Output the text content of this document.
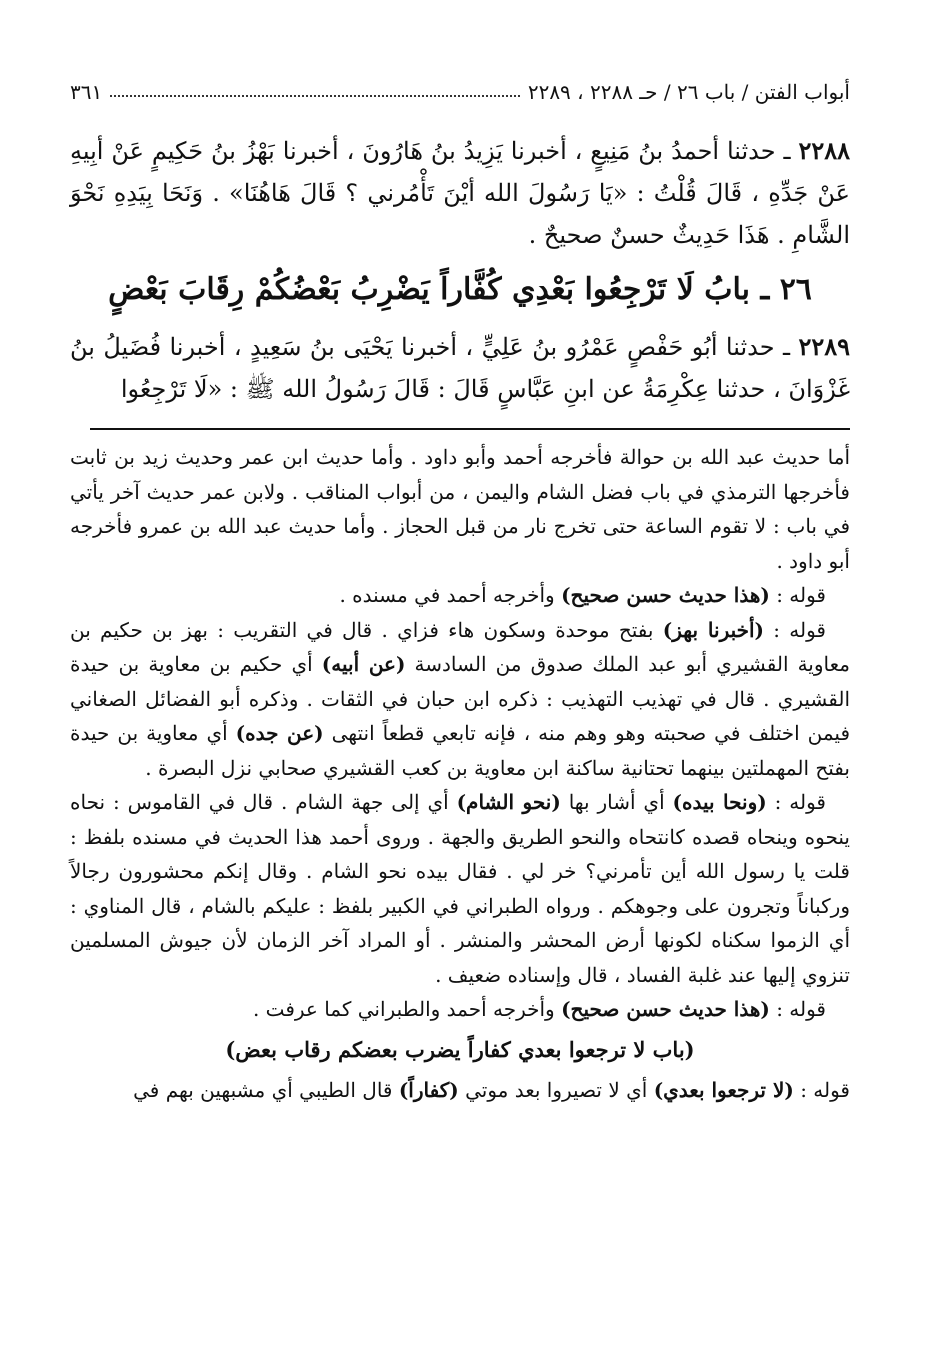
أبواب الفتن / باب ٢٦ / حـ ٢٢٨٨ ، ٢٢٨٩
٣٦١

٢٢٨٨ ـ حدثنا أحمدُ بنُ مَنِيعٍ ، أخبرنا يَزِيدُ بنُ هَارُونَ ، أخبرنا بَهْزُ بنُ حَكِيمٍ عَنْ أبِيهِ عَنْ جَدِّهِ ، قَالَ قُلْتُ : «يَا رَسُولَ الله أيْنَ تَأْمُرني ؟ قَالَ هَاهُنَا» . وَنَحَا بِيَدِهِ نَحْوَ الشَّامِ . هَذَا حَدِيثٌ حسنٌ صحيحٌ .

٢٦ ـ بابُ لَا تَرْجِعُوا بَعْدِي كُفَّاراً يَضْرِبُ بَعْضُكُمْ رِقَابَ بَعْضٍ

٢٢٨٩ ـ حدثنا أبُو حَفْصٍ عَمْرُو بنُ عَلِيٍّ ، أخبرنا يَحْيَى بنُ سَعِيدٍ ، أخبرنا فُضَيلُ بنُ غَزْوَانَ ، حدثنا عِكْرِمَةُ عن ابنِ عَبَّاسٍ قَالَ : قَالَ رَسُولُ الله ﷺ : «لَا تَرْجِعُوا

أما حديث عبد الله بن حوالة فأخرجه أحمد وأبو داود . وأما حديث ابن عمر وحديث زيد بن ثابت فأخرجها الترمذي في باب فضل الشام واليمن ، من أبواب المناقب . ولابن عمر حديث آخر يأتي في باب : لا تقوم الساعة حتى تخرج نار من قبل الحجاز . وأما حديث عبد الله بن عمرو فأخرجه أبو داود .

قوله : (هذا حديث حسن صحيح) وأخرجه أحمد في مسنده .

قوله : (أخبرنا بهز) بفتح موحدة وسكون هاء فزاي . قال في التقريب : بهز بن حكيم بن معاوية القشيري أبو عبد الملك صدوق من السادسة (عن أبيه) أي حكيم بن معاوية بن حيدة القشيري . قال في تهذيب التهذيب : ذكره ابن حبان في الثقات . وذكره أبو الفضائل الصغاني فيمن اختلف في صحبته وهو وهم منه ، فإنه تابعي قطعاً انتهى (عن جده) أي معاوية بن حيدة بفتح المهملتين بينهما تحتانية ساكنة ابن معاوية بن كعب القشيري صحابي نزل البصرة .

قوله : (ونحا بيده) أي أشار بها (نحو الشام) أي إلى جهة الشام . قال في القاموس : نحاه ينحوه وينحاه قصده كانتحاه والنحو الطريق والجهة . وروى أحمد هذا الحديث في مسنده بلفظ : قلت يا رسول الله أين تأمرني؟ خر لي . فقال بيده نحو الشام . وقال إنكم محشورون رجالاً وركباناً وتجرون على وجوهكم . ورواه الطبراني في الكبير بلفظ : عليكم بالشام ، قال المناوي : أي الزموا سكناه لكونها أرض المحشر والمنشر . أو المراد آخر الزمان لأن جيوش المسلمين تنزوي إليها عند غلبة الفساد ، قال وإسناده ضعيف .

قوله : (هذا حديث حسن صحيح) وأخرجه أحمد والطبراني كما عرفت .

(باب لا ترجعوا بعدي كفاراً يضرب بعضكم رقاب بعض)

قوله : (لا ترجعوا بعدي) أي لا تصيروا بعد موتي (كفاراً) قال الطيبي أي مشبهين بهم في
